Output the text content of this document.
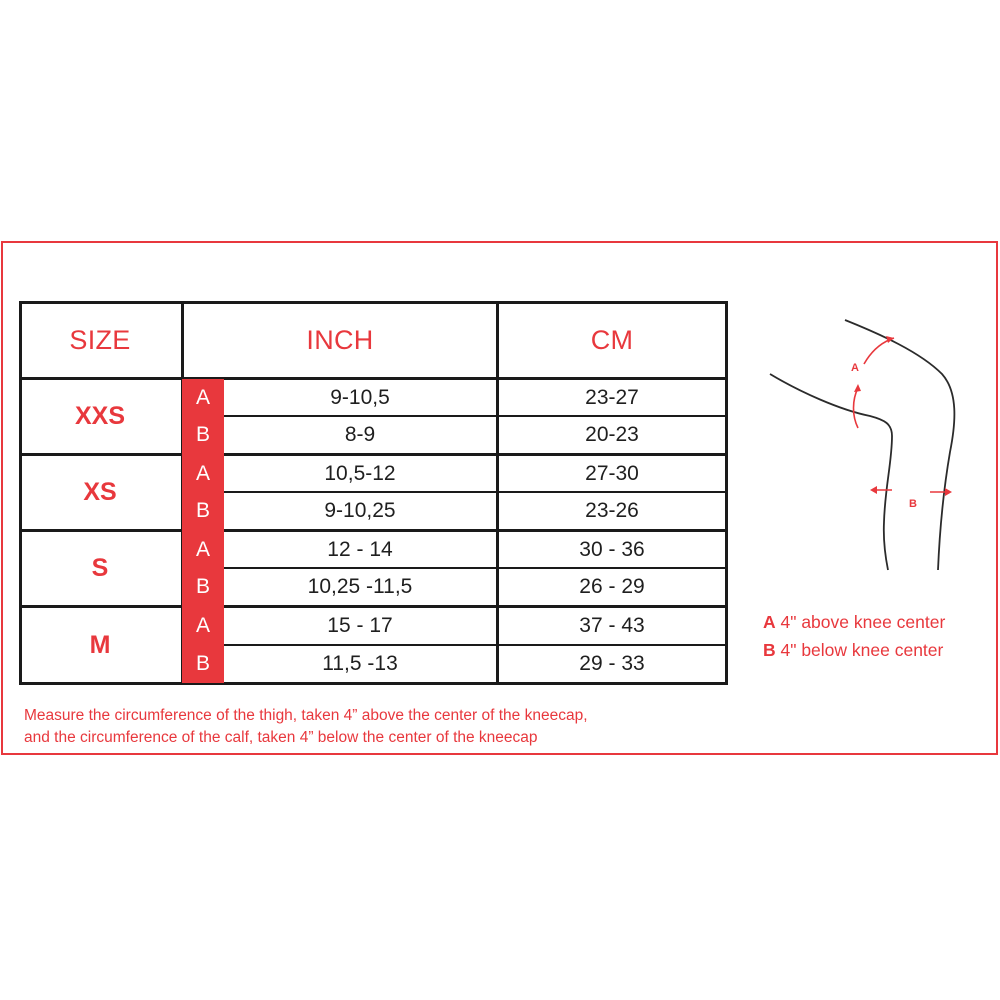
SIZE	INCH	CM
XXS
XS
S
M
A
B
A
B
A
B
A
B
9-10,5
8-9
10,5-12
9-10,25
12 - 14
10,25 -11,5
15 - 17
11,5 -13
23-27
20-23
27-30
23-26
30 - 36
26 - 29
37 - 43
29 - 33
Measure the circumference of the thigh, taken 4” above the center of the kneecap,
and the circumference of the calf, taken 4” below the center of the kneecap
A
B
A 4" above knee center
B 4" below knee center
